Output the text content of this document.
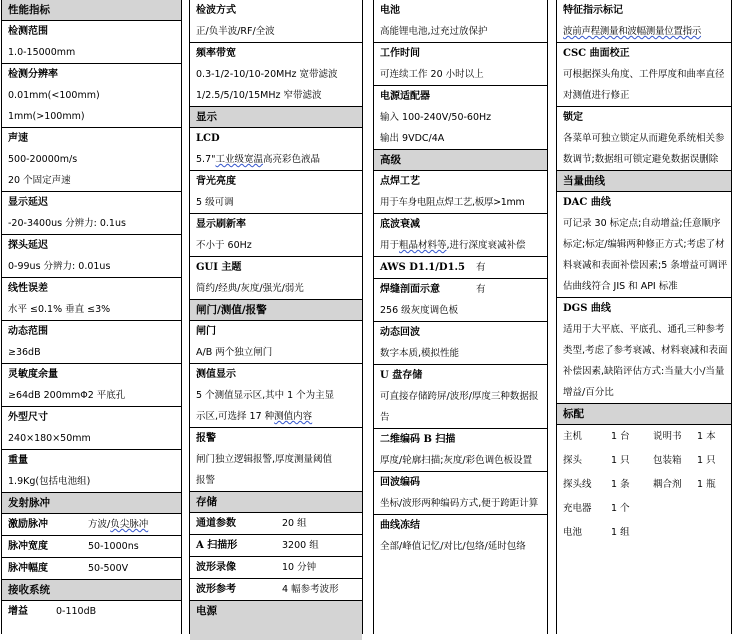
性能指标
检测范围
1.0-15000mm
检测分辨率
0.01mm(<100mm)
1mm(>100mm)
声速
500-20000m/s
20 个固定声速
显示延迟
-20-3400us 分辨力: 0.1us
探头延迟
0-99us 分辨力: 0.01us
线性误差
水平 ≤0.1% 垂直 ≤3%
动态范围
≥36dB
灵敏度余量
≥64dB 200mmΦ2 平底孔
外型尺寸
240×180×50mm
重量
1.9Kg(包括电池组)
发射脉冲
激励脉冲	方波/负尖脉冲
脉冲宽度	50-1000ns
脉冲幅度	50-500V
接收系统
增益	0-110dB
检波方式
正/负半波/RF/全波
频率带宽
0.3-1/2-10/10-20MHz 宽带滤波
1/2.5/5/10/15MHz 窄带滤波
显示
LCD
5.7"工业级宽温高亮彩色液晶
背光亮度
5 级可调
显示刷新率
不小于 60Hz
GUI 主题
简约/经典/灰度/强光/弱光
闸门/测值/报警
闸门
A/B 两个独立闸门
测值显示
5 个测值显示区,其中 1 个为主显
示区,可选择 17 种测值内容
报警
闸门独立逻辑报警,厚度测量阈值
报警
存储
通道参数	20 组
A 扫描形	3200 组
波形录像	10 分钟
波形参考	4 幅参考波形
电源
电池
高能锂电池,过充过放保护
工作时间
可连续工作 20 小时以上
电源适配器
输入 100-240V/50-60Hz
输出 9VDC/4A
高级
点焊工艺
用于车身电阻点焊工艺,板厚>1mm
底波衰减
用于粗晶材料等,进行深度衰减补偿
AWS D1.1/D1.5	有
焊缝剖面示意	有
256 级灰度调色板
动态回波
数字本质,模拟性能
U 盘存储
可直接存储跨屏/波形/厚度三种数据报告
二维编码 B 扫描
厚度/轮廓扫描;灰度/彩色调色板设置
回波编码
坐标/波形两种编码方式,便于跨距计算
曲线冻结
全部/峰值记忆/对比/包络/延时包络
特征指示标记
波前声程测量和波幅测量位置指示
CSC 曲面校正
可根据探头角度、工件厚度和曲率直径对测值进行修正
锁定
各菜单可独立锁定从而避免系统相关参数调节;数据组可锁定避免数据误删除
当量曲线
DAC 曲线
可记录 30 标定点;自动增益;任意顺序标定;标定/编辑两种修正方式;考虑了材料衰减和表面补偿因素;5 条增益可调评估曲线符合 JIS 和 API 标准
DGS 曲线
适用于大平底、平底孔、通孔三种参考类型,考虑了参考衰减、材料衰减和表面补偿因素,缺陷评估方式:当量大小/当量增益/百分比
标配
主机	1 台	说明书	1 本
探头	1 只	包装箱	1 只
探头线	1 条	耦合剂	1 瓶
充电器	1 个
电池	1 组
